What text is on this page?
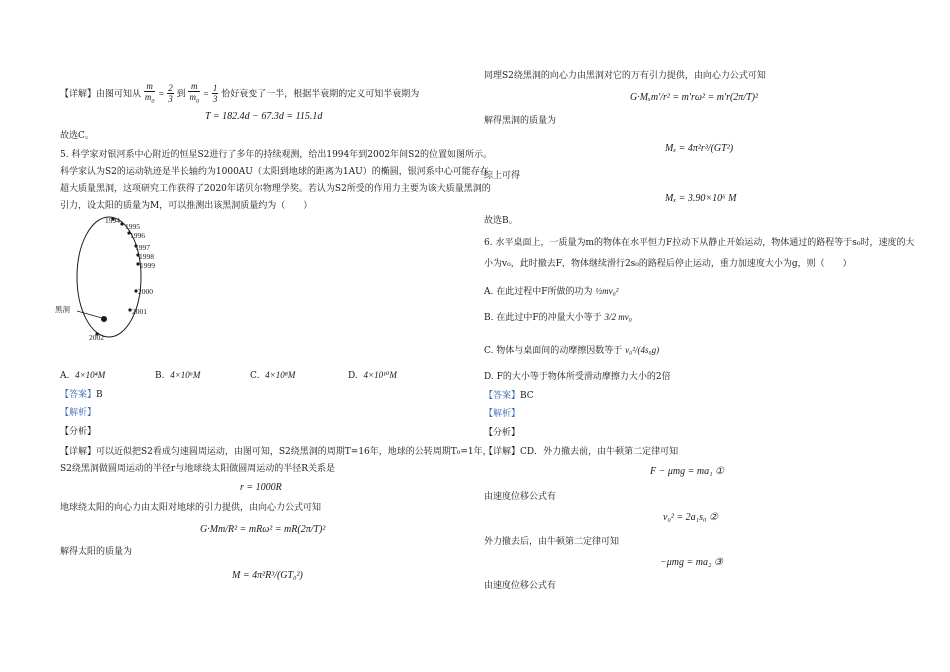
【详解】由图可知从 $\frac{m}{m_0} = \frac{2}{3}$ 到 $\frac{m}{m_0} = \frac{1}{3}$ 恰好衰变了一半，根据半衰期的定义可知半衰期为
T = 182.4d − 67.3d = 115.1d
故选C。
5. 科学家对银河系中心附近的恒星S2进行了多年的持续观测，给出1994年到2002年间S2的位置如图所示。
科学家认为S2的运动轨迹是半长轴约为1000AU（太阳到地球的距离为1AU）的椭圆，银河系中心可能存在
超大质量黑洞，这项研究工作获得了2020年诺贝尔物理学奖。若认为S2所受的作用力主要为该大质量黑洞的
引力，设太阳的质量为M，可以推测出该黑洞质量约为（　　）
1994
1995
1996
1997
1998
1999
2000
2001
2002
黑洞
A. 4×10⁴M	B. 4×10⁶M	C. 4×10⁸M	D. 4×10¹⁰M
【答案】B
【解析】
【分析】
【详解】可以近似把S2看成匀速圆周运动，由图可知，S2绕黑洞的周期T=16年，地球的公转周期T₀=1年，
S2绕黑洞做圆周运动的半径r与地球绕太阳做圆周运动的半径R关系是
r = 1000R
地球绕太阳的向心力由太阳对地球的引力提供，由向心力公式可知
G·Mm/R² = mRω² = mR(2π/T)²
解得太阳的质量为
M = 4π²R³/(GT₀²)
同理S2绕黑洞的向心力由黑洞对它的万有引力提供，由向心力公式可知
G·Mₓm'/r² = m'rω² = m'r(2π/T)²
解得黑洞的质量为
Mₓ = 4π²r³/(GT²)
综上可得
Mₓ = 3.90×10⁶ M
故选B。
6. 水平桌面上，一质量为m的物体在水平恒力F拉动下从静止开始运动，物体通过的路程等于s₀时，速度的大
小为v₀，此时撤去F，物体继续滑行2s₀的路程后停止运动，重力加速度大小为g，则（　　）
A. 在此过程中F所做的功为 ½mv₀²
B. 在此过中F的冲量大小等于 3/2 mv₀
C. 物体与桌面间的动摩擦因数等于 v₀²/(4s₀g)
D. F的大小等于物体所受滑动摩擦力大小的2倍
【答案】BC
【解析】
【分析】
【详解】CD．外力撤去前，由牛顿第二定律可知
F − μmg = ma₁ ①
由速度位移公式有
v₀² = 2a₁s₀ ②
外力撤去后，由牛顿第二定律可知
−μmg = ma₂ ③
由速度位移公式有
